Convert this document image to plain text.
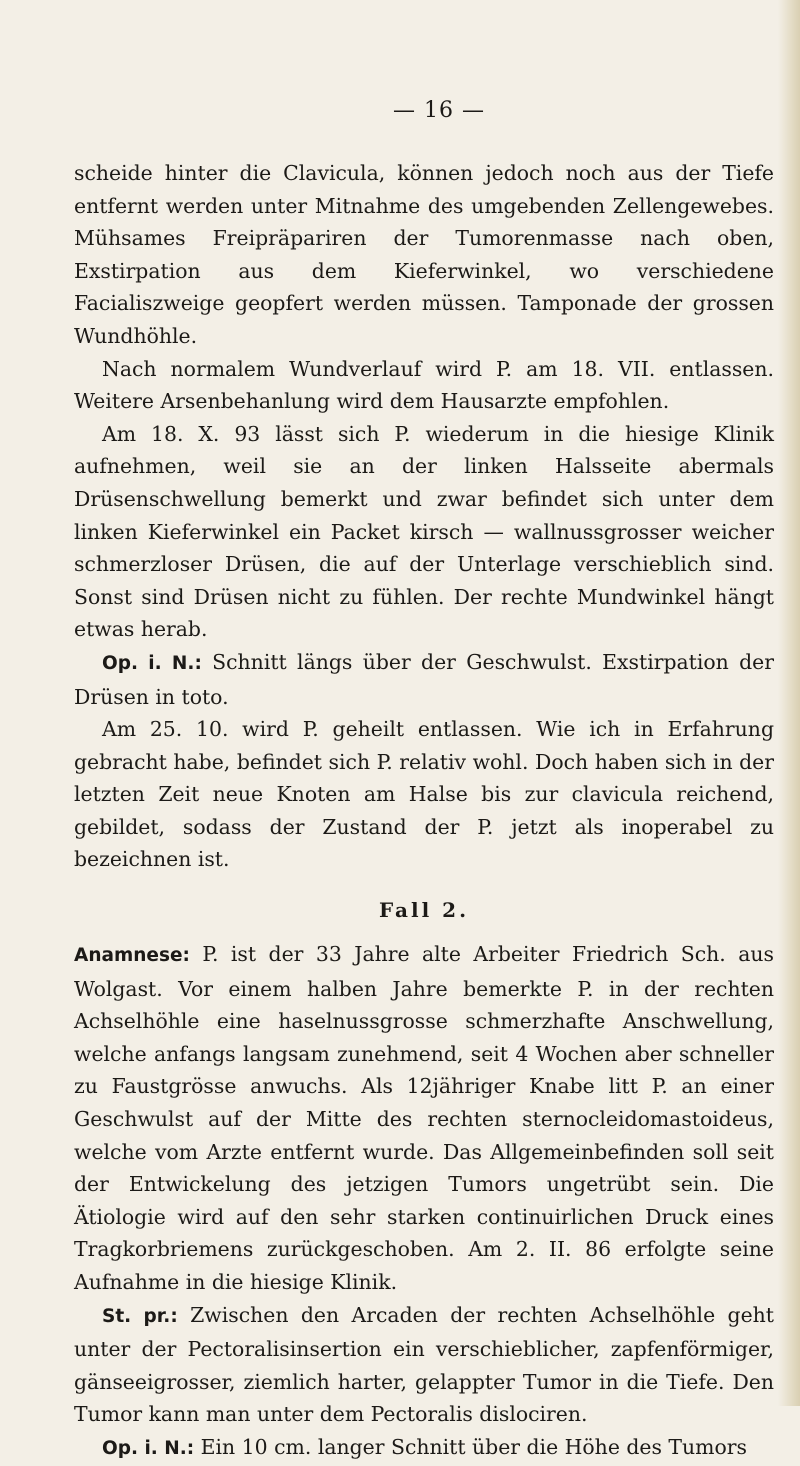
— 16 —

scheide hinter die Clavicula, können jedoch noch aus der Tiefe entfernt werden unter Mitnahme des umgebenden Zellengewebes. Mühsames Freipräpariren der Tumorenmasse nach oben, Exstirpation aus dem Kieferwinkel, wo verschiedene Facialiszweige geopfert werden müssen. Tamponade der grossen Wundhöhle.

Nach normalem Wundverlauf wird P. am 18. VII. entlassen. Weitere Arsenbehanlung wird dem Hausarzte empfohlen.

Am 18. X. 93 lässt sich P. wiederum in die hiesige Klinik aufnehmen, weil sie an der linken Halsseite abermals Drüsenschwellung bemerkt und zwar befindet sich unter dem linken Kieferwinkel ein Packet kirsch — wallnussgrosser weicher schmerzloser Drüsen, die auf der Unterlage verschieblich sind. Sonst sind Drüsen nicht zu fühlen. Der rechte Mundwinkel hängt etwas herab.

Op. i. N.: Schnitt längs über der Geschwulst. Exstirpation der Drüsen in toto.

Am 25. 10. wird P. geheilt entlassen. Wie ich in Erfahrung gebracht habe, befindet sich P. relativ wohl. Doch haben sich in der letzten Zeit neue Knoten am Halse bis zur clavicula reichend, gebildet, sodass der Zustand der P. jetzt als inoperabel zu bezeichnen ist.

Fall 2.

Anamnese: P. ist der 33 Jahre alte Arbeiter Friedrich Sch. aus Wolgast. Vor einem halben Jahre bemerkte P. in der rechten Achselhöhle eine haselnussgrosse schmerzhafte Anschwellung, welche anfangs langsam zunehmend, seit 4 Wochen aber schneller zu Faustgrösse anwuchs. Als 12jähriger Knabe litt P. an einer Geschwulst auf der Mitte des rechten sternocleidomastoideus, welche vom Arzte entfernt wurde. Das Allgemeinbefinden soll seit der Entwickelung des jetzigen Tumors ungetrübt sein. Die Ätiologie wird auf den sehr starken continuirlichen Druck eines Tragkorbriemens zurückgeschoben. Am 2. II. 86 erfolgte seine Aufnahme in die hiesige Klinik.

St. pr.: Zwischen den Arcaden der rechten Achselhöhle geht unter der Pectoralisinsertion ein verschieblicher, zapfenförmiger, gänseeigrosser, ziemlich harter, gelappter Tumor in die Tiefe. Den Tumor kann man unter dem Pectoralis dislociren.

Op. i. N.: Ein 10 cm. langer Schnitt über die Höhe des Tumors
